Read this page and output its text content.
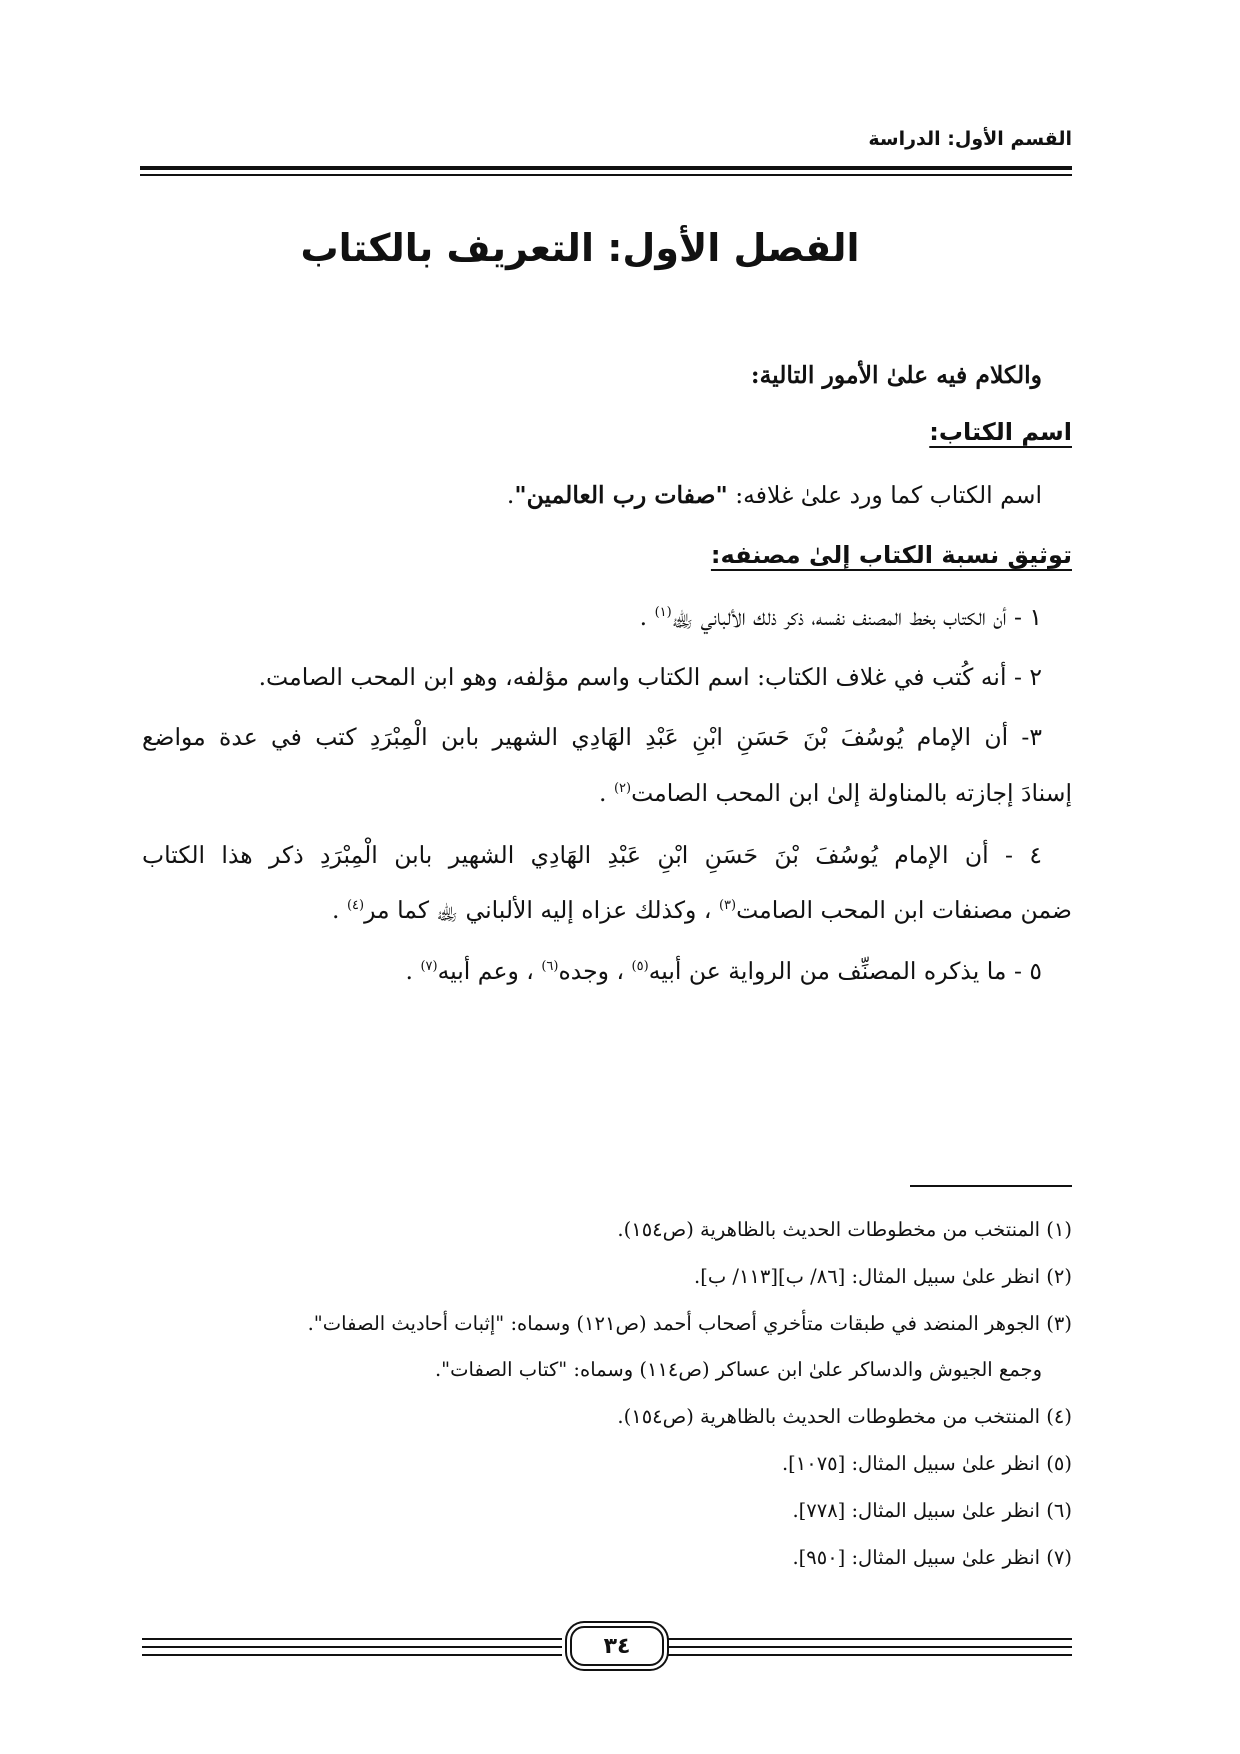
القسم الأول: الدراسة
الفصل الأول: التعريف بالكتاب
والكلام فيه علىٰ الأمور التالية:
اسم الكتاب:
اسم الكتاب كما ورد علىٰ غلافه: "صفات رب العالمين".
توثيق نسبة الكتاب إلىٰ مصنفه:
١ - أن الكتاب بخط المصنف نفسه، ذكر ذلك الألباني ﵀$^{(١)}$ .
٢ - أنه كُتب في غلاف الكتاب: اسم الكتاب واسم مؤلفه، وهو ابن المحب الصامت.
٣- أن الإمام يُوسُفَ بْنَ حَسَنِ ابْنِ عَبْدِ الهَادِي الشهير بابن الْمِبْرَدِ كتب في عدة مواضع
إسنادَ إجازته بالمناولة إلىٰ ابن المحب الصامت$^{(٢)}$ .
٤ - أن الإمام يُوسُفَ بْنَ حَسَنِ ابْنِ عَبْدِ الهَادِي الشهير بابن الْمِبْرَدِ ذكر هذا الكتاب
ضمن مصنفات ابن المحب الصامت$^{(٣)}$ ، وكذلك عزاه إليه الألباني ﵀ كما مر$^{(٤)}$ .
٥ - ما يذكره المصنِّف من الرواية عن أبيه$^{(٥)}$ ، وجده$^{(٦)}$ ، وعم أبيه$^{(٧)}$ .
(١) المنتخب من مخطوطات الحديث بالظاهرية (ص١٥٤).
(٢) انظر علىٰ سبيل المثال: [٨٦/ ب][١١٣/ ب].
(٣) الجوهر المنضد في طبقات متأخري أصحاب أحمد (ص١٢١) وسماه: "إثبات أحاديث الصفات".
وجمع الجيوش والدساكر علىٰ ابن عساكر (ص١١٤) وسماه: "كتاب الصفات".
(٤) المنتخب من مخطوطات الحديث بالظاهرية (ص١٥٤).
(٥) انظر علىٰ سبيل المثال: [١٠٧٥].
(٦) انظر علىٰ سبيل المثال: [٧٧٨].
(٧) انظر علىٰ سبيل المثال: [٩٥٠].
٣٤
